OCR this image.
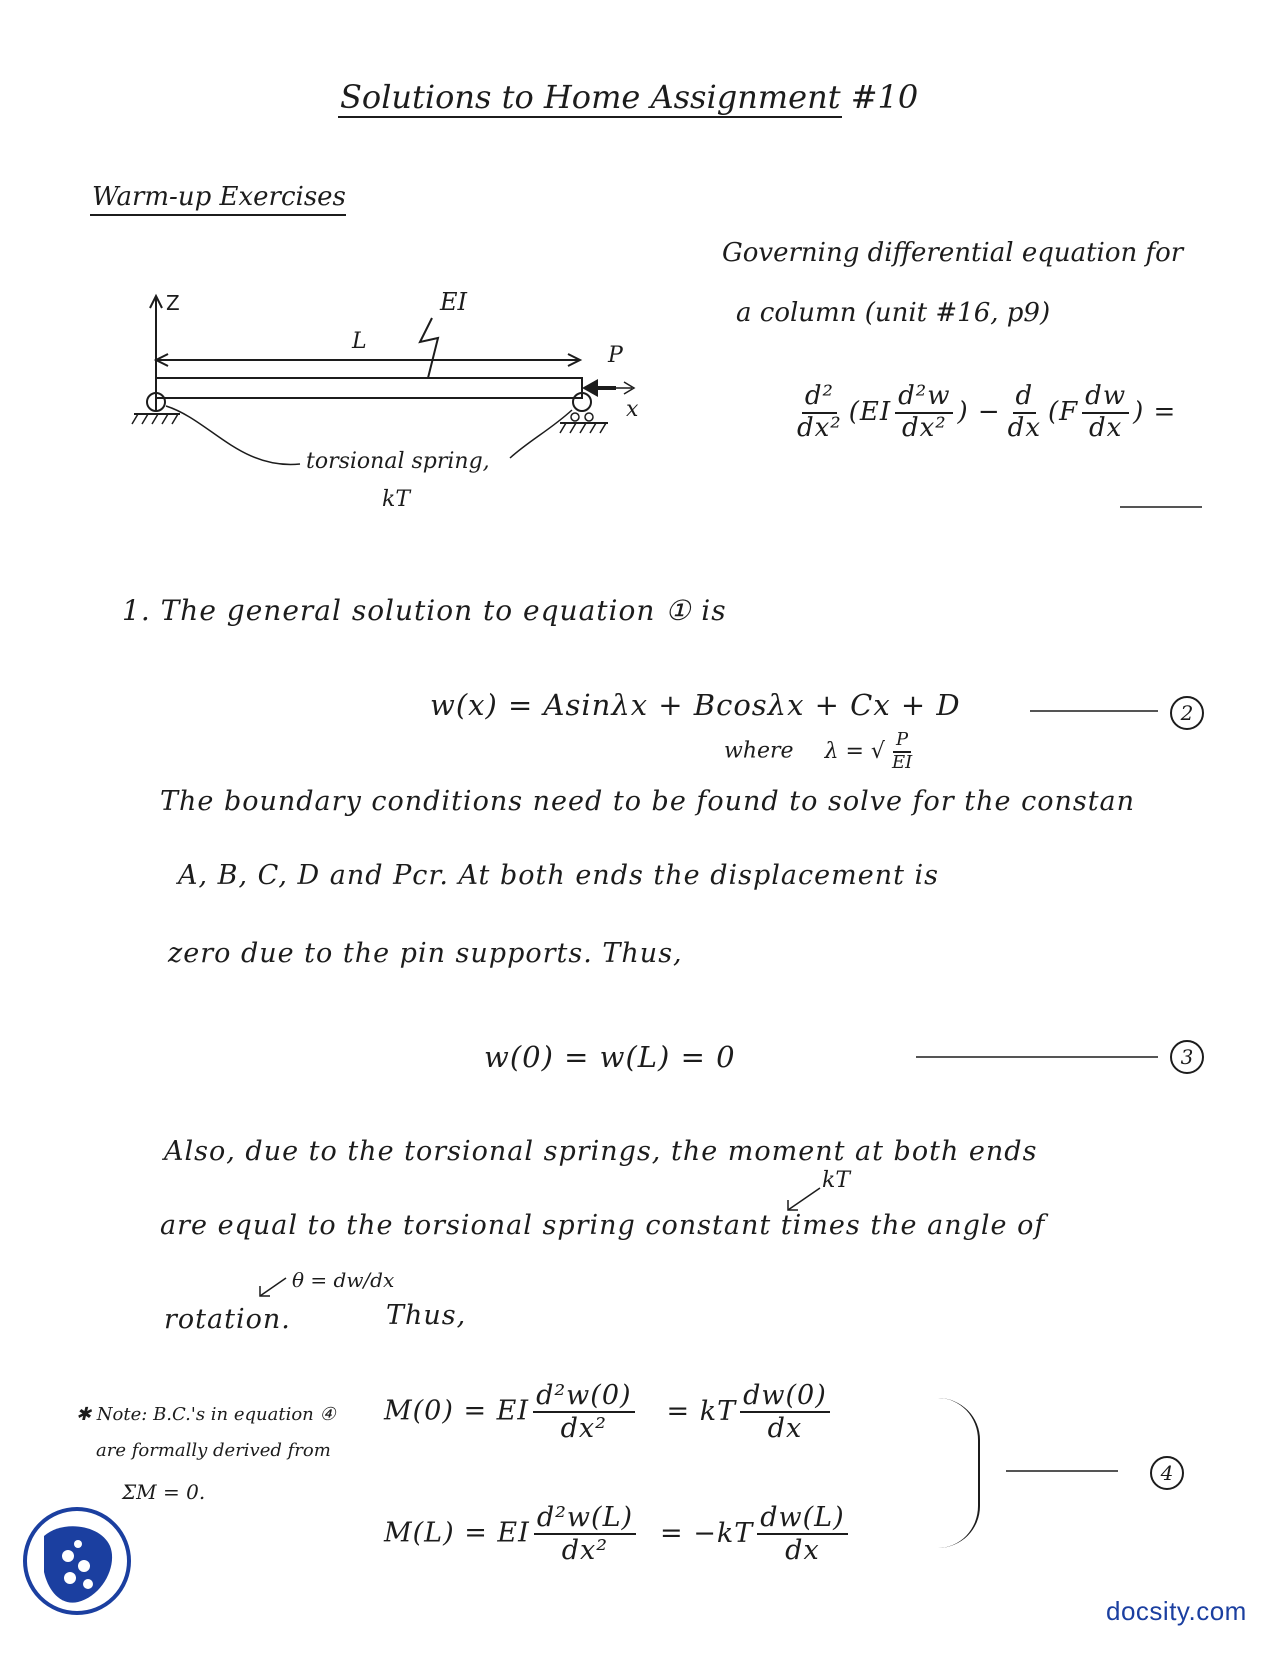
Solutions to Home Assignment #10
Warm-up Exercises
Z
L
EI
P
x
torsional spring,
kT
Governing differential equation for
a column (unit #16, p9)
$\frac{\text{d²}}{\text{dx²}} (EI \frac{\text{d²w}}{\text{dx²}}$ ) − $\frac{d}{dx} (F \frac{dw}{dx}$ ) =
1. The general solution to equation ① is
w(x) = Asinλx + Bcosλx + Cx + D	2
where λ = √ $\frac{P}{EI}$
The boundary conditions need to be found to solve for the constan
A, B, C, D and Pcr. At both ends the displacement is
zero due to the pin supports. Thus,
w(0) = w(L) = 0	3
Also, due to the torsional springs, the moment at both ends
kT
are equal to the torsional spring constant times the angle of
θ = dw/dx
rotation.	Thus,
✱ Note: B.C.'s in equation ④
are formally derived from
ΣM = 0.
M(0) = EI $\frac{\text{d²w(0)}}{\text{dx²}}$ = kT $\frac{dw(0)}{dx}$
4
M(L) = EI $\frac{\text{d²w(L)}}{\text{dx²}} = -kT \frac{dw(L)}{dx}$
docsity.com
